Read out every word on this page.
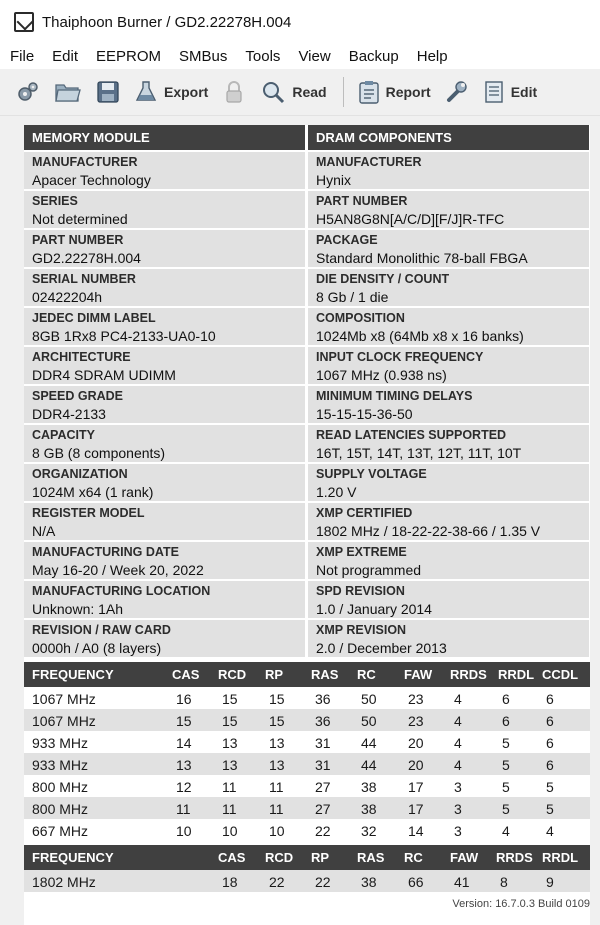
Thaiphoon Burner / GD2.22278H.004
File Edit EEPROM SMBus Tools View Backup Help
Export	Read	Report	Edit
MEMORY MODULE
MANUFACTURER
Apacer Technology
SERIES
Not determined
PART NUMBER
GD2.22278H.004
SERIAL NUMBER
02422204h
JEDEC DIMM LABEL
8GB 1Rx8 PC4-2133-UA0-10
ARCHITECTURE
DDR4 SDRAM UDIMM
SPEED GRADE
DDR4-2133
CAPACITY
8 GB (8 components)
ORGANIZATION
1024M x64 (1 rank)
REGISTER MODEL
N/A
MANUFACTURING DATE
May 16-20 / Week 20, 2022
MANUFACTURING LOCATION
Unknown: 1Ah
REVISION / RAW CARD
0000h / A0 (8 layers)
DRAM COMPONENTS
MANUFACTURER
Hynix
PART NUMBER
H5AN8G8N[A/C/D][F/J]R-TFC
PACKAGE
Standard Monolithic 78-ball FBGA
DIE DENSITY / COUNT
8 Gb / 1 die
COMPOSITION
1024Mb x8 (64Mb x8 x 16 banks)
INPUT CLOCK FREQUENCY
1067 MHz (0.938 ns)
MINIMUM TIMING DELAYS
15-15-15-36-50
READ LATENCIES SUPPORTED
16T, 15T, 14T, 13T, 12T, 11T, 10T
SUPPLY VOLTAGE
1.20 V
XMP CERTIFIED
1802 MHz / 18-22-22-38-66 / 1.35 V
XMP EXTREME
Not programmed
SPD REVISION
1.0 / January 2014
XMP REVISION
2.0 / December 2013
FREQUENCY	CAS RCD RP RAS RC FAW RRDS RRDL CCDL
1067 MHz	16 15 15 36 50 23 4	6	6
1067 MHz	15 15 15 36 50 23 4	6	6
933 MHz	14 13 13 31 44 20 4	5	6
933 MHz	13 13 13 31 44 20 4	5	6
800 MHz	12 11 11 27 38 17 3	5	5
800 MHz	11 11 11 27 38 17 3	5	5
667 MHz	10 10 10 22 32 14 3	4	4
FREQUENCY	CAS RCD RP RAS RC FAW RRDS RRDL
1802 MHz	18 22 22 38 66 41 8	9
Version: 16.7.0.3 Build 0109
